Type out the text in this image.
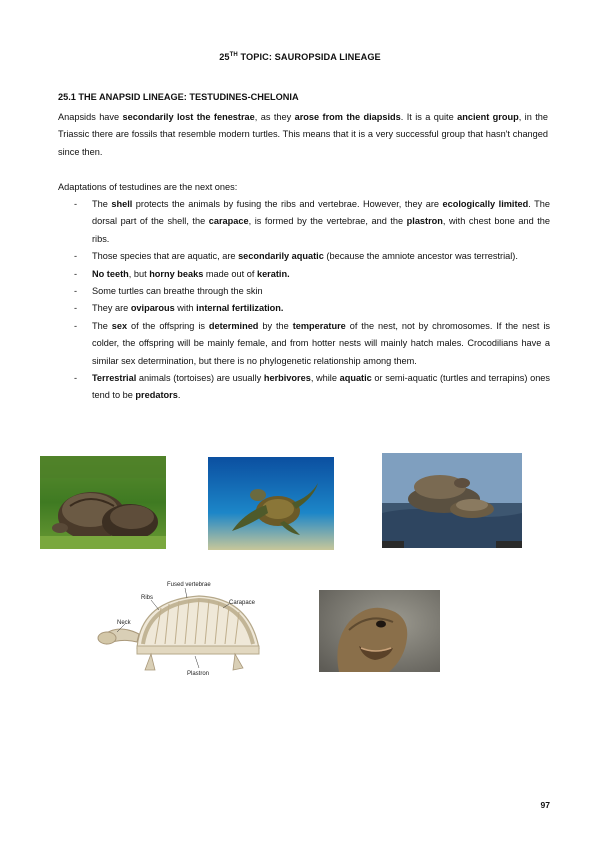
25TH TOPIC: SAUROPSIDA LINEAGE
25.1 THE ANAPSID LINEAGE: TESTUDINES-CHELONIA
Anapsids have secondarily lost the fenestrae, as they arose from the diapsids. It is a quite ancient group, in the Triassic there are fossils that resemble modern turtles. This means that it is a very successful group that hasn't changed since then.
Adaptations of testudines are the next ones:
- The shell protects the animals by fusing the ribs and vertebrae. However, they are ecologically limited. The dorsal part of the shell, the carapace, is formed by the vertebrae, and the plastron, with chest bone and the ribs.
- Those species that are aquatic, are secondarily aquatic (because the amniote ancestor was terrestrial).
- No teeth, but horny beaks made out of keratin.
- Some turtles can breathe through the skin
- They are oviparous with internal fertilization.
- The sex of the offspring is determined by the temperature of the nest, not by chromosomes. If the nest is colder, the offspring will be mainly female, and from hotter nests will mainly hatch males. Crocodilians have a similar sex determination, but there is no phylogenetic relationship among them.
- Terrestrial animals (tortoises) are usually herbivores, while aquatic or semi-aquatic (turtles and terrapins) ones tend to be predators.
Fused vertebrae
Ribs
Carapace
Neck
Plastron
97
